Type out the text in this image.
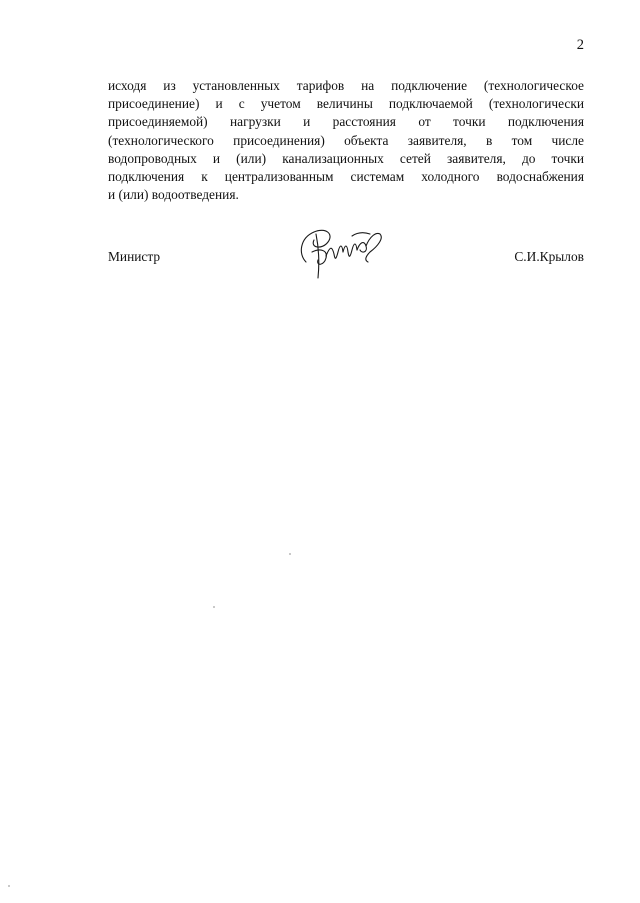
2
исходя из установленных тарифов на подключение (технологическое
присоединение) и с учетом величины подключаемой (технологически
присоединяемой) нагрузки и расстояния от точки подключения
(технологического присоединения) объекта заявителя, в том числе
водопроводных и (или) канализационных сетей заявителя, до точки
подключения к централизованным системам холодного водоснабжения
и (или) водоотведения.
Министр	С.И.Крылов
